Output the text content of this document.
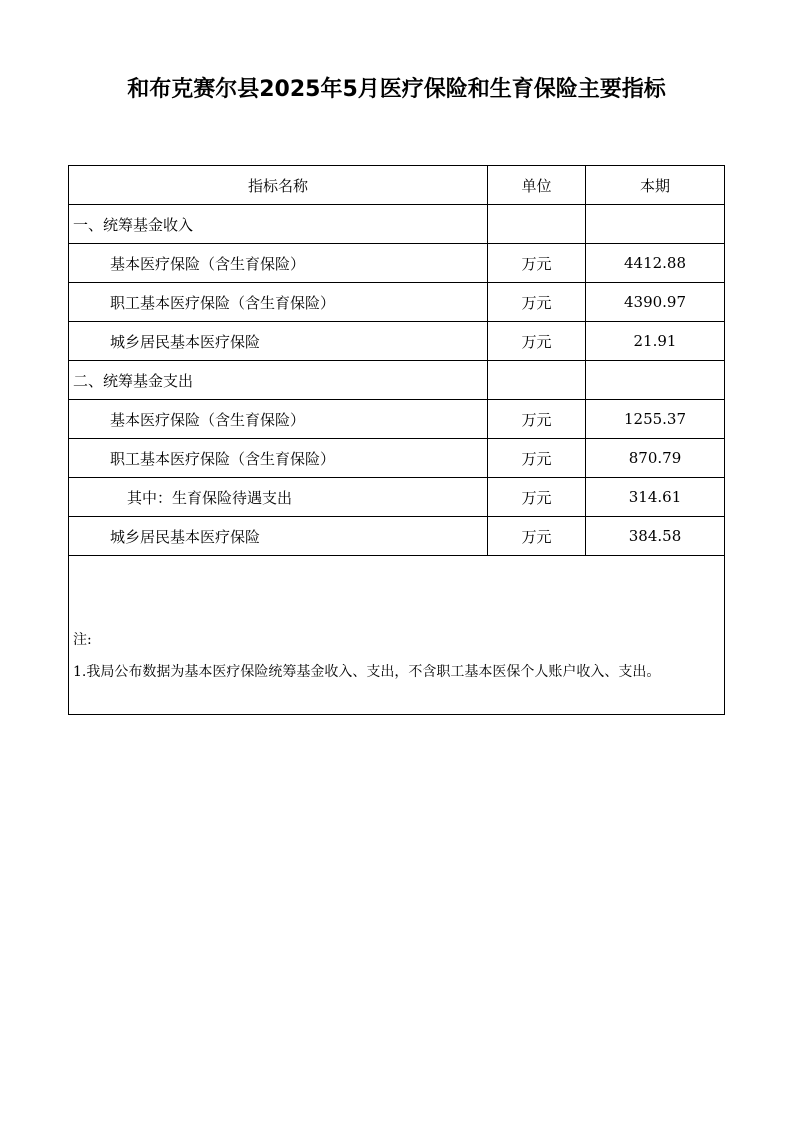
和布克赛尔县2025年5月医疗保险和生育保险主要指标
指标名称	单位	本期
一、统筹基金收入		
基本医疗保险（含生育保险）	万元	4412.88
职工基本医疗保险（含生育保险）	万元	4390.97
城乡居民基本医疗保险	万元	21.91
二、统筹基金支出		
基本医疗保险（含生育保险）	万元	1255.37
职工基本医疗保险（含生育保险）	万元	870.79
其中：生育保险待遇支出	万元	314.61
城乡居民基本医疗保险	万元	384.58

注:
1.我局公布数据为基本医疗保险统筹基金收入、支出，不含职工基本医保个人账户收入、支出。		
